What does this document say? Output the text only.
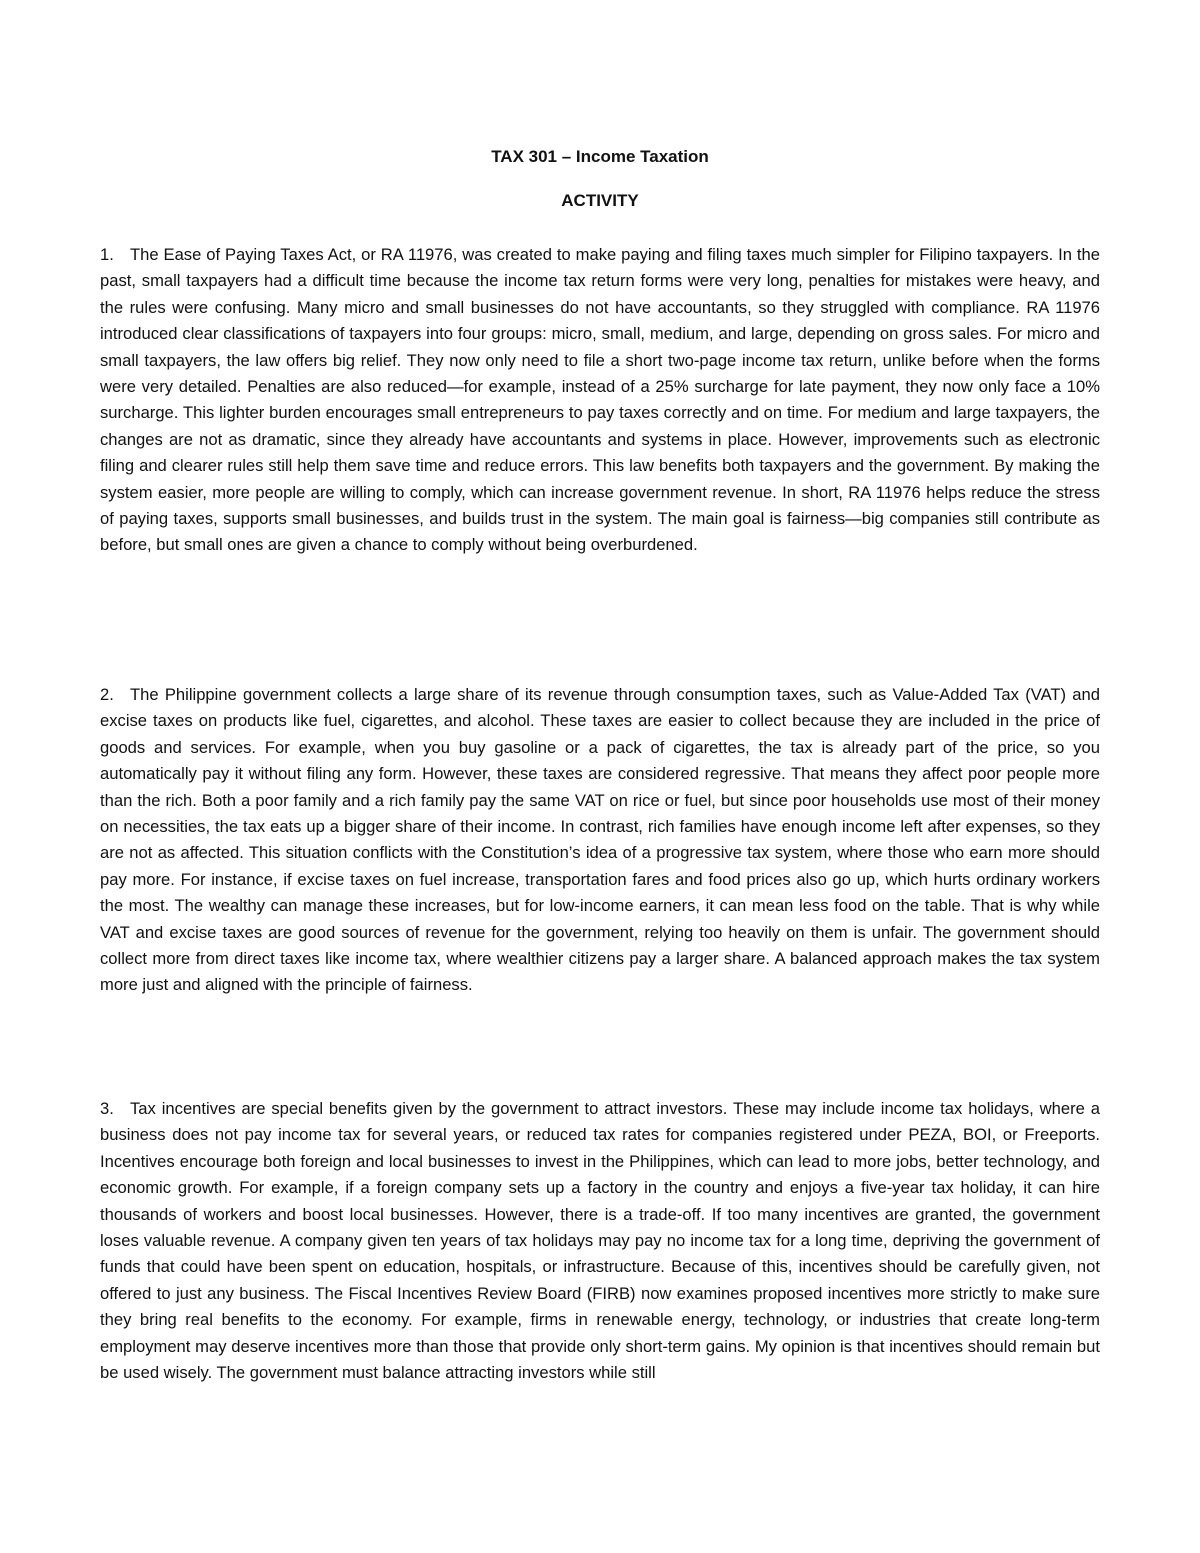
TAX 301 – Income Taxation
ACTIVITY

1. The Ease of Paying Taxes Act, or RA 11976, was created to make paying and filing taxes much simpler for Filipino taxpayers. In the past, small taxpayers had a difficult time because the income tax return forms were very long, penalties for mistakes were heavy, and the rules were confusing. Many micro and small businesses do not have accountants, so they struggled with compliance. RA 11976 introduced clear classifications of taxpayers into four groups: micro, small, medium, and large, depending on gross sales. For micro and small taxpayers, the law offers big relief. They now only need to file a short two-page income tax return, unlike before when the forms were very detailed. Penalties are also reduced—for example, instead of a 25% surcharge for late payment, they now only face a 10% surcharge. This lighter burden encourages small entrepreneurs to pay taxes correctly and on time. For medium and large taxpayers, the changes are not as dramatic, since they already have accountants and systems in place. However, improvements such as electronic filing and clearer rules still help them save time and reduce errors. This law benefits both taxpayers and the government. By making the system easier, more people are willing to comply, which can increase government revenue. In short, RA 11976 helps reduce the stress of paying taxes, supports small businesses, and builds trust in the system. The main goal is fairness—big companies still contribute as before, but small ones are given a chance to comply without being overburdened.

2. The Philippine government collects a large share of its revenue through consumption taxes, such as Value-Added Tax (VAT) and excise taxes on products like fuel, cigarettes, and alcohol. These taxes are easier to collect because they are included in the price of goods and services. For example, when you buy gasoline or a pack of cigarettes, the tax is already part of the price, so you automatically pay it without filing any form. However, these taxes are considered regressive. That means they affect poor people more than the rich. Both a poor family and a rich family pay the same VAT on rice or fuel, but since poor households use most of their money on necessities, the tax eats up a bigger share of their income. In contrast, rich families have enough income left after expenses, so they are not as affected. This situation conflicts with the Constitution’s idea of a progressive tax system, where those who earn more should pay more. For instance, if excise taxes on fuel increase, transportation fares and food prices also go up, which hurts ordinary workers the most. The wealthy can manage these increases, but for low-income earners, it can mean less food on the table. That is why while VAT and excise taxes are good sources of revenue for the government, relying too heavily on them is unfair. The government should collect more from direct taxes like income tax, where wealthier citizens pay a larger share. A balanced approach makes the tax system more just and aligned with the principle of fairness.

3. Tax incentives are special benefits given by the government to attract investors. These may include income tax holidays, where a business does not pay income tax for several years, or reduced tax rates for companies registered under PEZA, BOI, or Freeports. Incentives encourage both foreign and local businesses to invest in the Philippines, which can lead to more jobs, better technology, and economic growth. For example, if a foreign company sets up a factory in the country and enjoys a five-year tax holiday, it can hire thousands of workers and boost local businesses. However, there is a trade-off. If too many incentives are granted, the government loses valuable revenue. A company given ten years of tax holidays may pay no income tax for a long time, depriving the government of funds that could have been spent on education, hospitals, or infrastructure. Because of this, incentives should be carefully given, not offered to just any business. The Fiscal Incentives Review Board (FIRB) now examines proposed incentives more strictly to make sure they bring real benefits to the economy. For example, firms in renewable energy, technology, or industries that create long-term employment may deserve incentives more than those that provide only short-term gains. My opinion is that incentives should remain but be used wisely. The government must balance attracting investors while still
